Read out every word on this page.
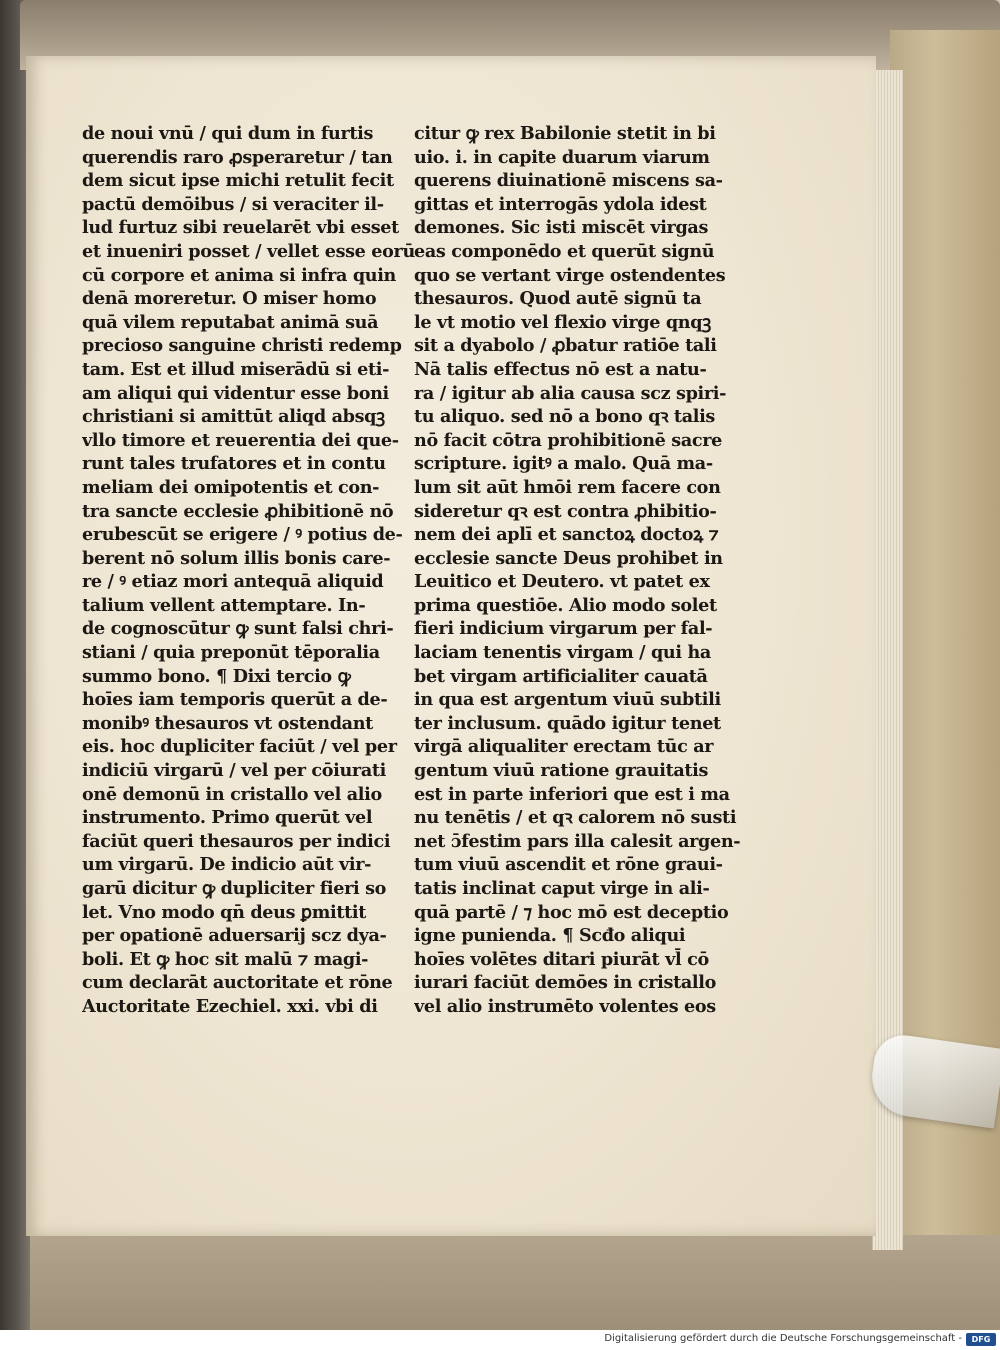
de noui vnū / qui dum in furtis
querendis raro ꝓsperaretur / tan
dem sicut ipse michi retulit fecit
pactū demōibus / si veraciter il-
lud furtuz sibi reuelarēt vbi esset
et inueniri posset / vellet esse eorū
cū corpore et anima si infra quin
denā moreretur. O miser homo
quā vilem reputabat animā suā
precioso sanguine christi redemp
tam. Est et illud miserādū si eti-
am aliqui qui videntur esse boni
christiani si amittūt aliqd absqꝫ
vllo timore et reuerentia dei que-
runt tales trufatores et in contu
meliam dei omipotentis et con-
tra sancte ecclesie ꝓhibitionē nō
erubescūt se erigere / ꝰ potius de-
berent nō solum illis bonis care-
re / ꝰ etiaz mori antequā aliquid
talium vellent attemptare. In-
de cognoscūtur ꝙ sunt falsi chri-
stiani / quia preponūt tēporalia
summo bono. ¶ Dixi tercio ꝙ
hoīes iam temporis querūt a de-
monibꝰ thesauros vt ostendant
eis. hoc dupliciter faciūt / vel per
indiciū virgarū / vel per cōiurati
onē demonū in cristallo vel alio
instrumento. Primo querūt vel
faciūt queri thesauros per indici
um virgarū. De indicio aūt vir-
garū dicitur ꝙ dupliciter fieri so
let. Vno modo qn̄ deus ꝑmittit
per opationē aduersarij scz dya-
boli. Et ꝙ hoc sit malū ⁊ magi-
cum declarāt auctoritate et rōne
Auctoritate Ezechiel. xxi. vbi di
citur ꝙ rex Babilonie stetit in bi
uio. i. in capite duarum viarum
querens diuinationē miscens sa-
gittas et interrogās ydola idest
demones. Sic isti miscēt virgas
eas componēdo et querūt signū
quo se vertant virge ostendentes
thesauros. Quod autē signū ta
le vt motio vel flexio virge qnqꝫ
sit a dyabolo / ꝓbatur ratiōe tali
Nā talis effectus nō est a natu-
ra / igitur ab alia causa scz spiri-
tu aliquo. sed nō a bono qꝛ talis
nō facit cōtra prohibitionē sacre
scripture. igitꝰ a malo. Quā ma-
lum sit aūt hmōi rem facere con
sideretur qꝛ est contra ꝓhibitio-
nem dei aplī et sanctoꝝ doctoꝝ ⁊
ecclesie sancte Deus prohibet in
Leuitico et Deutero. vt patet ex
prima questiōe. Alio modo solet
fieri indicium virgarum per fal-
laciam tenentis virgam / qui ha
bet virgam artificialiter cauatā
in qua est argentum viuū subtili
ter inclusum. quādo igitur tenet
virgā aliqualiter erectam tūc ar
gentum viuū ratione grauitatis
est in parte inferiori que est i ma
nu tenētis / et qꝛ calorem nō susti
net ɔ̄festim pars illa calesit argen-
tum viuū ascendit et rōne graui-
tatis inclinat caput virge in ali-
quā partē / ⁊ hoc mō est deceptio
igne punienda. ¶ Scđo aliqui
hoīes volētes ditari piurāt vl̄ cō
iurari faciūt demōes in cristallo
vel alio instrumēto volentes eos
Digitalisierung gefördert durch die Deutsche Forschungsgemeinschaft -	DFG
